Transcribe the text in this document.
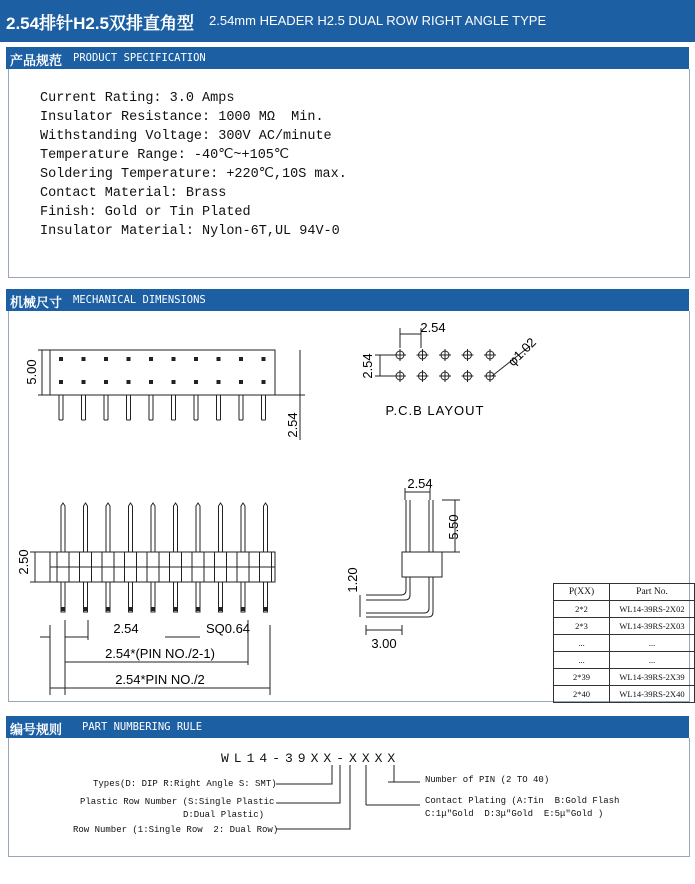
2.54排针H2.5双排直角型 2.54mm HEADER H2.5 DUAL ROW RIGHT ANGLE TYPE
产品规范 PRODUCT SPECIFICATION
Current Rating: 3.0 Amps
Insulator Resistance: 1000 MΩ  Min.
Withstanding Voltage: 300V AC/minute
Temperature Range: -40℃~+105℃
Soldering Temperature: +220℃,10S max.
Contact Material: Brass
Finish: Gold or Tin Plated
Insulator Material: Nylon-6T,UL 94V-0
机械尺寸 MECHANICAL DIMENSIONS
5.00
2.54
2.54
2.54	φ1.02
P.C.B LAYOUT
2.50
2.54	SQ0.64
2.54*(PIN NO./2-1)
2.54*PIN NO./2
2.54
5.50
1.20
3.00
P(XX)	Part No.
2*2	WL14-39RS-2X02
2*3	WL14-39RS-2X03
...	...
...	...
2*39	WL14-39RS-2X39
2*40	WL14-39RS-2X40
编号规则 PART NUMBERING RULE
WL14-39XX-XXXX
Types(D: DIP R:Right Angle S: SMT)
Plastic Row Number (S:Single Plastic
D:Dual Plastic)
Row Number (1:Single Row  2: Dual Row)
Number of PIN (2 TO 40)
Contact Plating (A:Tin  B:Gold Flash
C:1μ"Gold  D:3μ"Gold  E:5μ"Gold )
